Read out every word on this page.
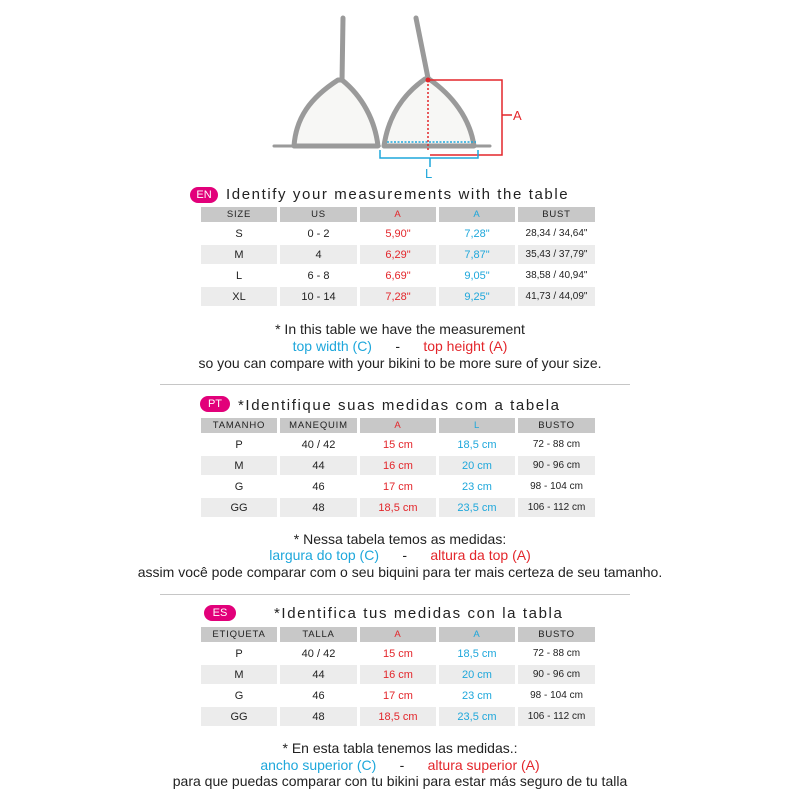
A
L
EN Identify your measurements with the table
SIZE	US	A	A	BUST
S	0 - 2	5,90"	7,28"	28,34 / 34,64"
M	4	6,29"	7,87"	35,43 / 37,79"
L	6 - 8	6,69"	9,05"	38,58 / 40,94"
XL	10 - 14	7,28"	9,25"	41,73 / 44,09"
* In this table we have the measurement
top width (C) - top height (A)
so you can compare with your bikini to be more sure of your size.
PT	*Identifique suas medidas com a tabela
TAMANHO	MANEQUIM	A	L	BUSTO
P	40 / 42	15 cm	18,5 cm	72 - 88 cm
M	44	16 cm	20 cm	90 - 96 cm
G	46	17 cm	23 cm	98 - 104 cm
GG	48	18,5 cm	23,5 cm	106 - 112 cm
* Nessa tabela temos as medidas:
largura do top (C) - altura da top (A)
assim você pode comparar com o seu biquini para ter mais certeza de seu tamanho.
ES	*Identifica tus medidas con la tabla
ETIQUETA	TALLA	A	A	BUSTO
P	40 / 42	15 cm	18,5 cm	72 - 88 cm
M	44	16 cm	20 cm	90 - 96 cm
G	46	17 cm	23 cm	98 - 104 cm
GG	48	18,5 cm	23,5 cm	106 - 112 cm
* En esta tabla tenemos las medidas.:
ancho superior (C) - altura superior (A)
para que puedas comparar con tu bikini para estar más seguro de tu talla
